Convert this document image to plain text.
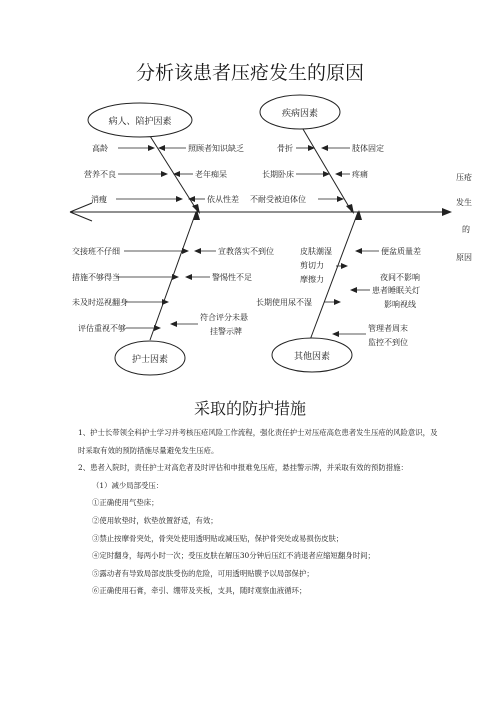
分析该患者压疮发生的原因
病人、陪护因素
疾病因素
护士因素	其他因素
压疮
发生
的
原因
高龄	照顾者知识缺乏
营养不良	老年痴呆
消瘦	依从性差
骨折	肢体固定
长期卧床	疼痛
不耐受被迫体位
交接班不仔细	宣教落实不到位
措施不够得当	警惕性不足
未及时巡视翻身
评估重视不够
符合评分未悬
挂警示牌
皮肤潮湿
剪切力
摩擦力
便盆质量差
夜间不影响
患者睡眠关灯
影响视线
长期使用尿不湿
管理者周末
监控不到位
采取的防护措施

1、护士长带领全科护士学习并考核压疮风险工作流程，强化责任护士对压疮高危患者发生压疮的风险意识，及时采取有效的预防措施尽量避免发生压疮。

2、患者入院时，责任护士对高危者及时评估和申报难免压疮，悬挂警示牌，并采取有效的预防措施：

（1）减少局部受压：

①正确使用气垫床；

②使用软垫时，软垫放置舒适，有效；

③禁止按摩骨突处，骨突处使用透明贴或减压贴，保护骨突处或易损伤皮肤；

④定时翻身，每两小时一次；受压皮肤在解压30分钟后压红不消退者应缩短翻身时间；

⑤露动者有导致局部皮肤受伤的危险，可用透明贴膜予以局部保护；

⑥正确使用石膏，牵引、绷带及夹板，支具，随时观察血液循环；
